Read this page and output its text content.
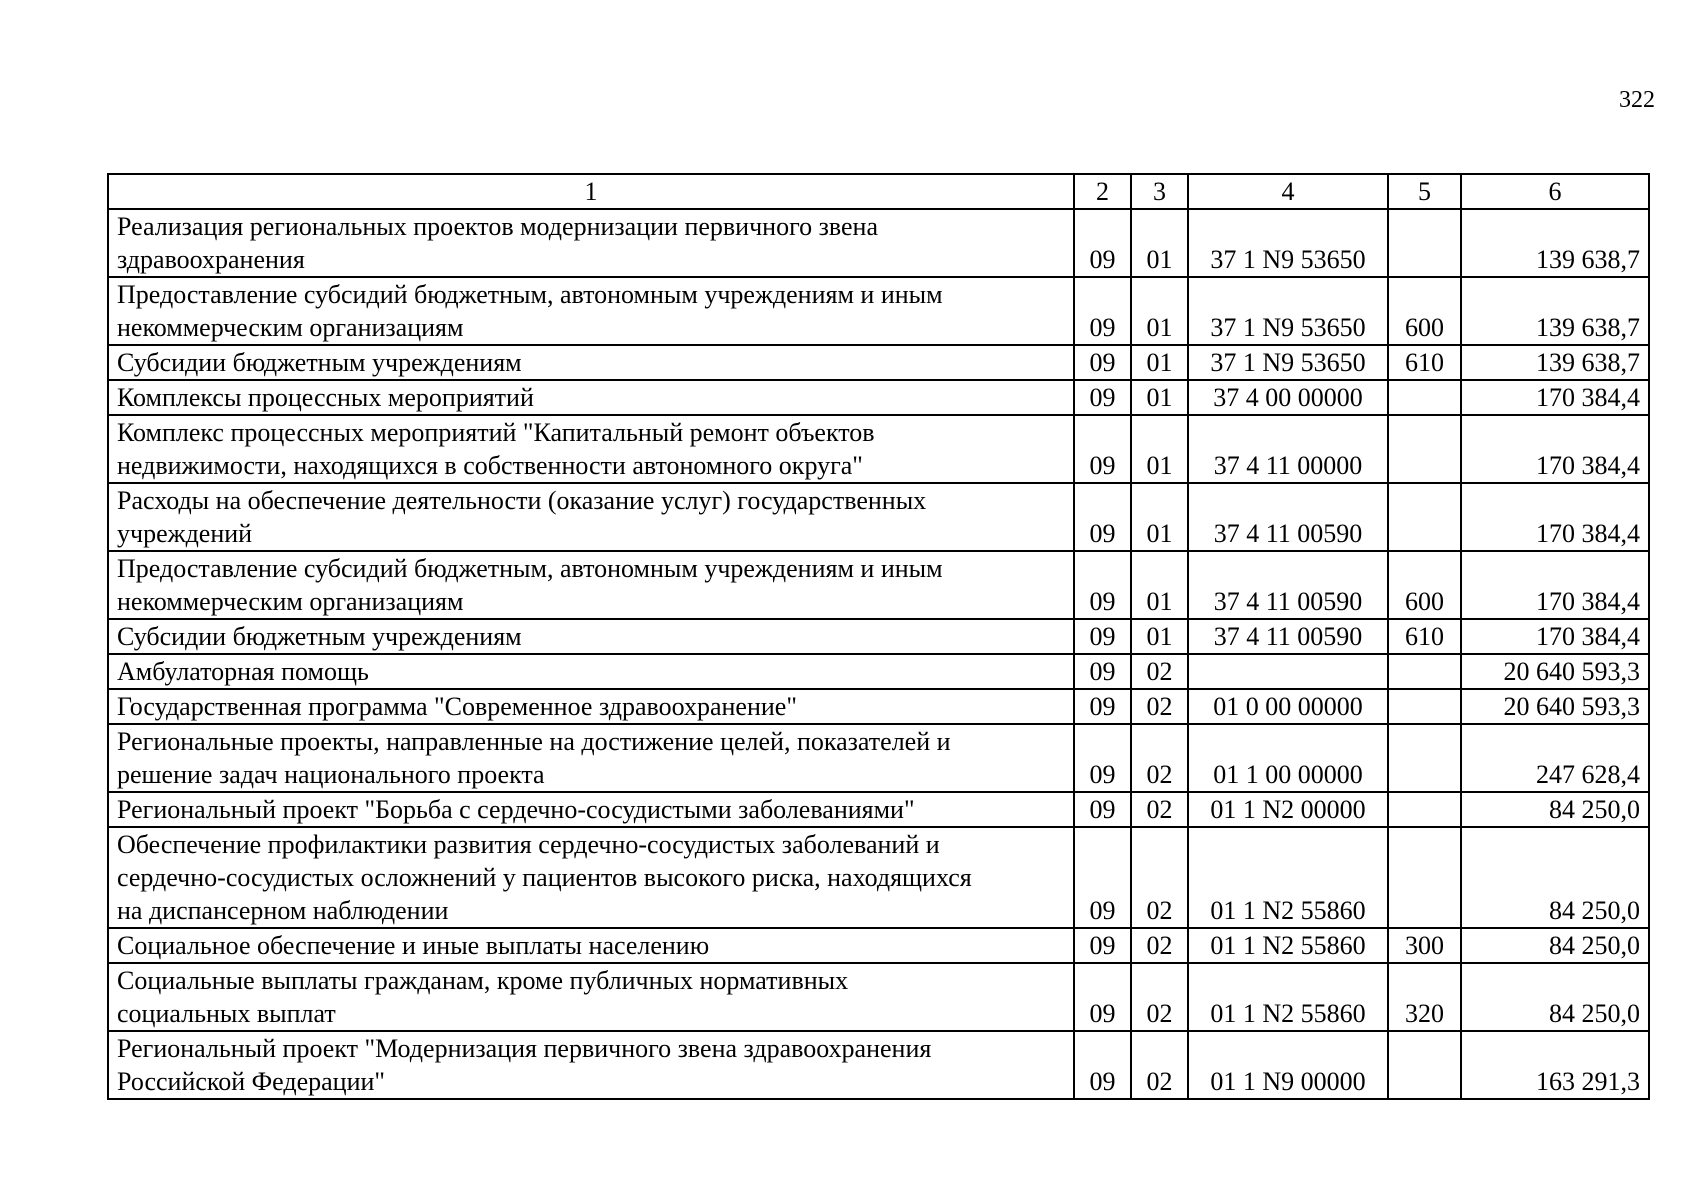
322
1	2	3	4	5	6

Реализация региональных проектов модернизации первичного звена
здравоохранения	09	01	37 1 N9 53650		139 638,7

Предоставление субсидий бюджетным, автономным учреждениям и иным
некоммерческим организациям	09	01	37 1 N9 53650	600	139 638,7

Субсидии бюджетным учреждениям	09	01	37 1 N9 53650	610	139 638,7

Комплексы процессных мероприятий	09	01	37 4 00 00000		170 384,4

Комплекс процессных мероприятий "Капитальный ремонт объектов
недвижимости, находящихся в собственности автономного округа"	09	01	37 4 11 00000		170 384,4

Расходы на обеспечение деятельности (оказание услуг) государственных
учреждений	09	01	37 4 11 00590		170 384,4

Предоставление субсидий бюджетным, автономным учреждениям и иным
некоммерческим организациям	09	01	37 4 11 00590	600	170 384,4

Субсидии бюджетным учреждениям	09	01	37 4 11 00590	610	170 384,4

Амбулаторная помощь	09	02			20 640 593,3

Государственная программа "Современное здравоохранение"	09	02	01 0 00 00000		20 640 593,3

Региональные проекты, направленные на достижение целей, показателей и
решение задач национального проекта	09	02	01 1 00 00000		247 628,4

Региональный проект "Борьба с сердечно-сосудистыми заболеваниями"	09	02	01 1 N2 00000		84 250,0

Обеспечение профилактики развития сердечно-сосудистых заболеваний и
сердечно-сосудистых осложнений у пациентов высокого риска, находящихся
на диспансерном наблюдении	09	02	01 1 N2 55860		84 250,0

Социальное обеспечение и иные выплаты населению	09	02	01 1 N2 55860	300	84 250,0

Социальные выплаты гражданам, кроме публичных нормативных
социальных выплат	09	02	01 1 N2 55860	320	84 250,0

Региональный проект "Модернизация первичного звена здравоохранения
Российской Федерации"	09	02	01 1 N9 00000		163 291,3
